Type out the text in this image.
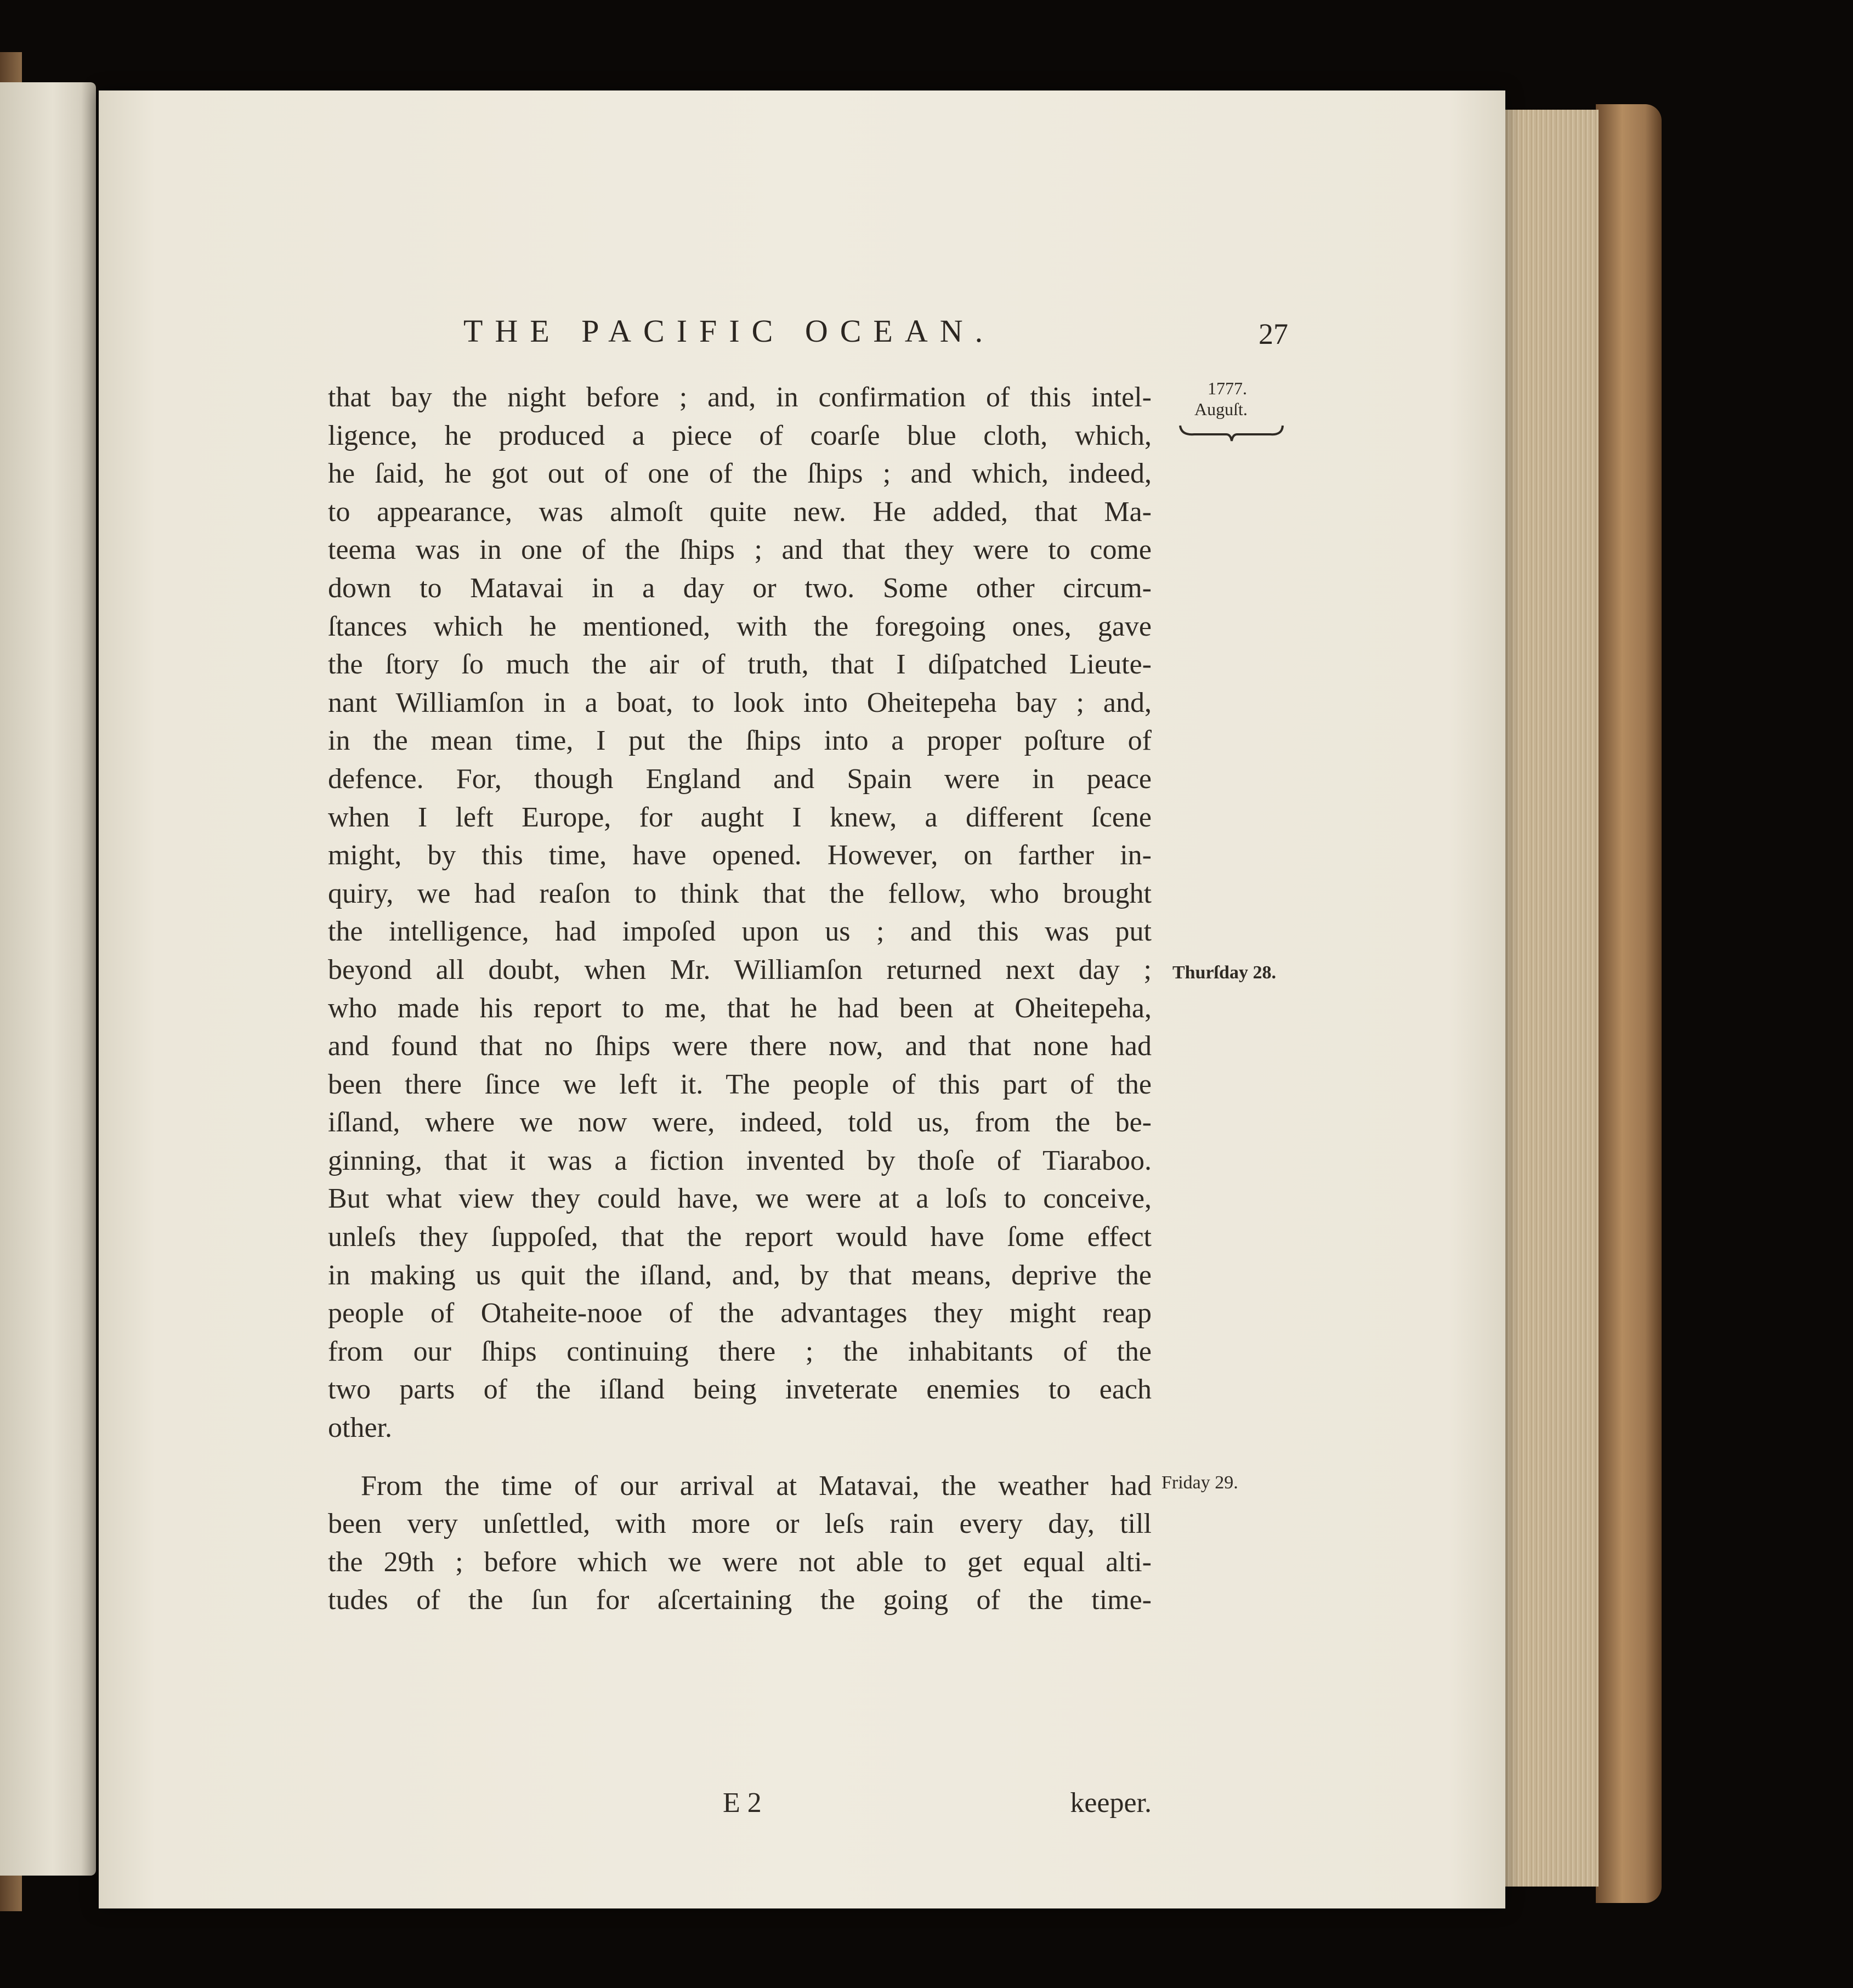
THE PACIFIC OCEAN.	27
1777.
Auguſt.
Thurſday 28.
Friday 29.
that bay the night before ; and, in confirmation of this intel-
ligence, he produced a piece of coarſe blue cloth, which,
he ſaid, he got out of one of the ſhips ; and which, indeed,
to appearance, was almoſt quite new. He added, that Ma-
teema was in one of the ſhips ; and that they were to come
down to Matavai in a day or two. Some other circum-
ſtances which he mentioned, with the foregoing ones, gave
the ſtory ſo much the air of truth, that I diſpatched Lieute-
nant Williamſon in a boat, to look into Oheitepeha bay ; and,
in the mean time, I put the ſhips into a proper poſture of
defence. For, though England and Spain were in peace
when I left Europe, for aught I knew, a different ſcene
might, by this time, have opened. However, on farther in-
quiry, we had reaſon to think that the fellow, who brought
the intelligence, had impoſed upon us ; and this was put
beyond all doubt, when Mr. Williamſon returned next day ;
who made his report to me, that he had been at Oheitepeha,
and found that no ſhips were there now, and that none had
been there ſince we left it. The people of this part of the
iſland, where we now were, indeed, told us, from the be-
ginning, that it was a fiction invented by thoſe of Tiaraboo.
But what view they could have, we were at a loſs to conceive,
unleſs they ſuppoſed, that the report would have ſome effect
in making us quit the iſland, and, by that means, deprive the
people of Otaheite-nooe of the advantages they might reap
from our ſhips continuing there ; the inhabitants of the
two parts of the iſland being inveterate enemies to each
other.
From the time of our arrival at Matavai, the weather had
been very unſettled, with more or leſs rain every day, till
the 29th ; before which we were not able to get equal alti-
tudes of the ſun for aſcertaining the going of the time-
E 2	keeper.
